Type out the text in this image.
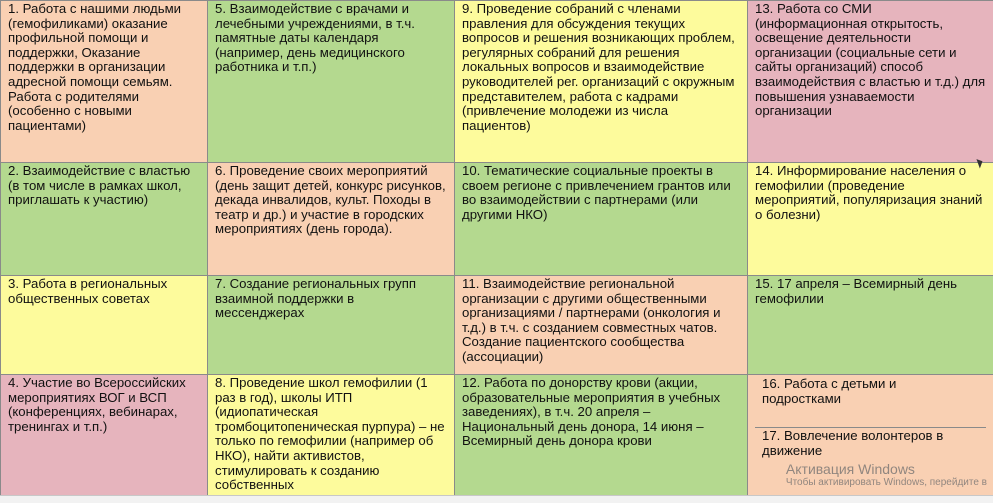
1. Работа с нашими людьми (гемофиликами) оказание профильной помощи и поддержки, Оказание поддержки в организации адресной помощи семьям. Работа с родителями (особенно с новыми пациентами)	5. Взаимодействие с врачами и лечебными учреждениями, в т.ч. памятные даты календаря (например, день медицинского работника и т.п.)	9. Проведение собраний с членами правления для обсуждения текущих вопросов и решения возникающих проблем, регулярных собраний для решения локальных вопросов и взаимодействие руководителей рег. организаций с окружным представителем, работа с кадрами (привлечение молодежи из числа пациентов)	13. Работа со СМИ (информационная открытость, освещение деятельности организации (социальные сети и сайты организаций) способ взаимодействия с властью и т.д.) для повышения узнаваемости организации

2. Взаимодействие с властью (в том числе в рамках школ, приглашать к участию)	6. Проведение своих мероприятий (день защит детей, конкурс рисунков, декада инвалидов, культ. Походы в театр и др.) и участие в городских мероприятиях (день города).	10. Тематические социальные проекты в своем регионе с привлечением грантов или во взаимодействии с партнерами (или другими НКО)	14. Информирование населения о гемофилии (проведение мероприятий, популяризация знаний о болезни)

3. Работа в региональных общественных советах	7. Создание региональных групп взаимной поддержки в мессенджерах	11. Взаимодействие региональной организации с другими общественными организациями / партнерами (онкология и т.д.) в т.ч. с созданием совместных чатов. Создание пациентского сообщества (ассоциации)	15. 17 апреля – Всемирный день гемофилии

4. Участие во Всероссийских мероприятиях ВОГ и ВСП (конференциях, вебинарах, тренингах и т.п.)	8. Проведение школ гемофилии (1 раз в год), школы ИТП (идиопатическая тромбоцитопеническая пурпура) – не только по гемофилии (например об НКО), найти активистов, стимулировать к созданию собственных	12. Работа по донорству крови (акции, образовательные мероприятия в учебных заведениях), в т.ч. 20 апреля – Национальный день донора, 14 июня – Всемирный день донора крови	16. Работа с детьми и подростками
17. Вовлечение волонтеров в движение
Активация Windows
Чтобы активировать Windows, перейдите в
